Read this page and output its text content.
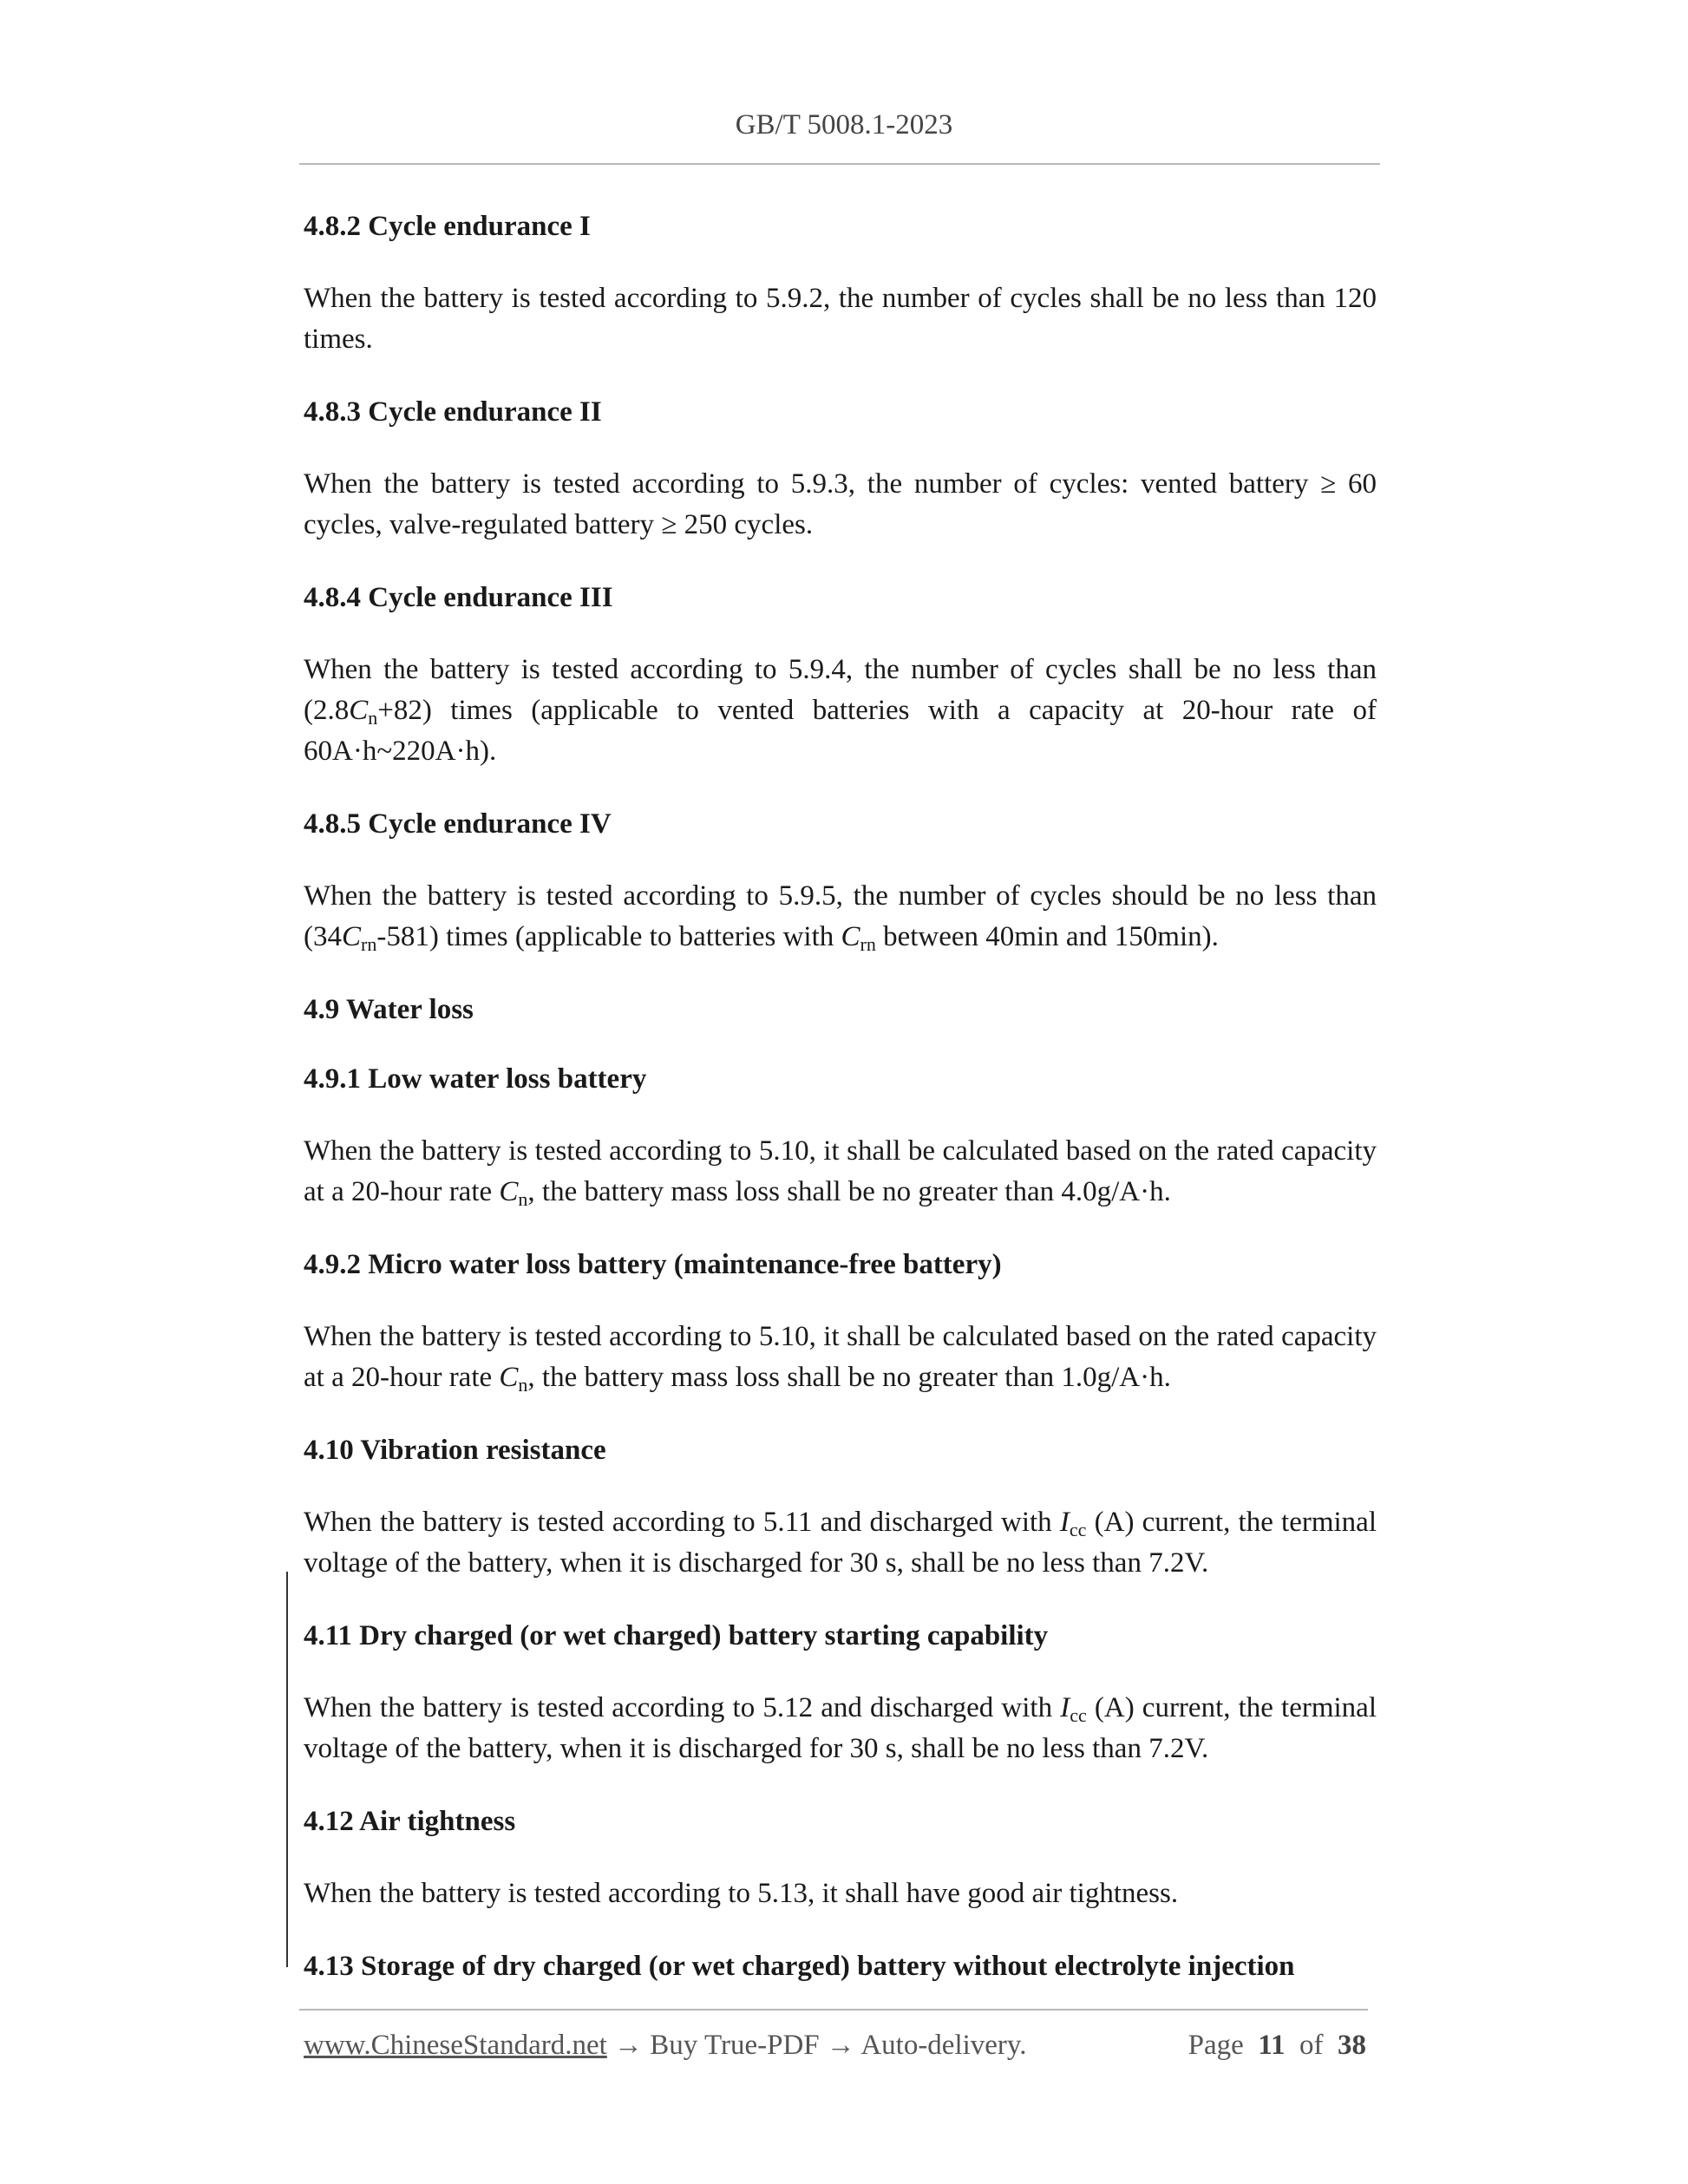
GB/T 5008.1-2023

4.8.2 Cycle endurance I

When the battery is tested according to 5.9.2, the number of cycles shall be no less than 120 times.

4.8.3 Cycle endurance II

When the battery is tested according to 5.9.3, the number of cycles: vented battery ≥ 60 cycles, valve-regulated battery ≥ 250 cycles.

4.8.4 Cycle endurance III

When the battery is tested according to 5.9.4, the number of cycles shall be no less than $(2.8C_n+82)$ times (applicable to vented batteries with a capacity at 20-hour rate of 60A·h~220A·h).

4.8.5 Cycle endurance IV

When the battery is tested according to 5.9.5, the number of cycles should be no less than $(34C_{rn}-581)$ times (applicable to batteries with $C_{rn}$ between 40min and 150min).

4.9 Water loss

4.9.1 Low water loss battery

When the battery is tested according to 5.10, it shall be calculated based on the rated capacity at a 20-hour rate $C_n$, the battery mass loss shall be no greater than 4.0g/A·h.

4.9.2 Micro water loss battery (maintenance-free battery)

When the battery is tested according to 5.10, it shall be calculated based on the rated capacity at a 20-hour rate $C_n$, the battery mass loss shall be no greater than 1.0g/A·h.

4.10 Vibration resistance

When the battery is tested according to 5.11 and discharged with $I_{cc}$ (A) current, the terminal voltage of the battery, when it is discharged for 30 s, shall be no less than 7.2V.

4.11 Dry charged (or wet charged) battery starting capability

When the battery is tested according to 5.12 and discharged with $I_{cc}$ (A) current, the terminal voltage of the battery, when it is discharged for 30 s, shall be no less than 7.2V.

4.12 Air tightness

When the battery is tested according to 5.13, it shall have good air tightness.

4.13 Storage of dry charged (or wet charged) battery without electrolyte injection

www.ChineseStandard.net → Buy True-PDF → Auto-delivery.	Page 11 of 38
